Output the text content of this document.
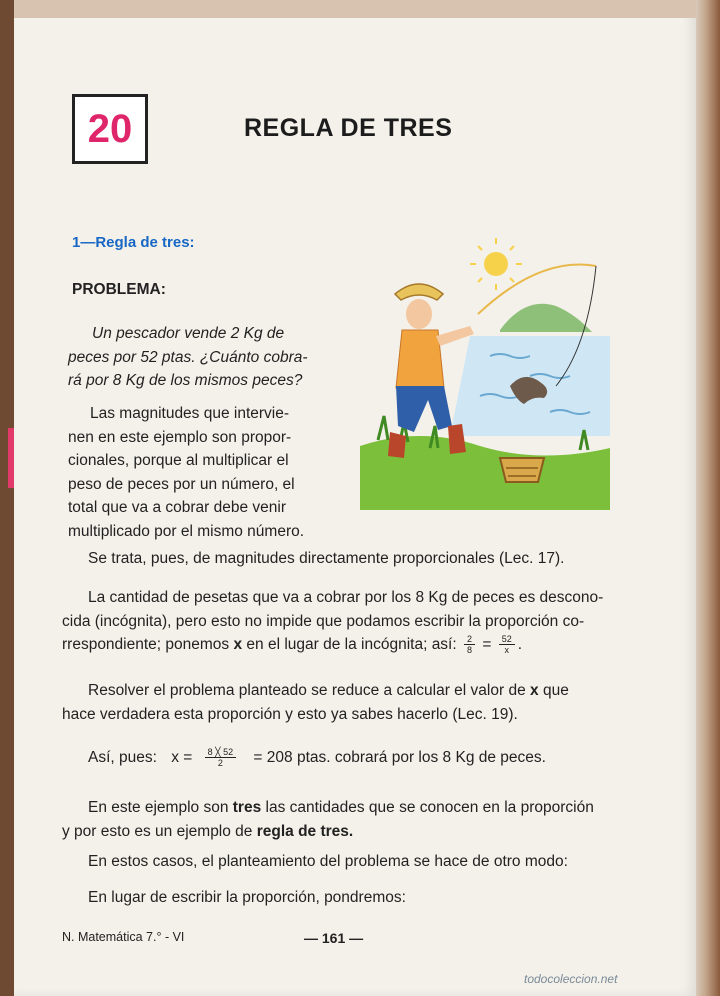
20	REGLA DE TRES
1—Regla de tres:
PROBLEMA:
Un pescador vende 2 Kg de
peces por 52 ptas. ¿Cuánto cobra-
rá por 8 Kg de los mismos peces?
Las magnitudes que intervie-
nen en este ejemplo son propor-
cionales, porque al multiplicar el
peso de peces por un número, el
total que va a cobrar debe venir
multiplicado por el mismo número.
Se trata, pues, de magnitudes directamente proporcionales (Lec. 17).
La cantidad de pesetas que va a cobrar por los 8 Kg de peces es descono-
cida (incógnita), pero esto no impide que podamos escribir la proporción co-
rrespondiente; ponemos x en el lugar de la incógnita; así: $\frac{2}{8} = \frac{52}{x}$ .
Resolver el problema planteado se reduce a calcular el valor de x que
hace verdadera esta proporción y esto ya sabes hacerlo (Lec. 19).
Así, pues: $x = \frac{8 ╳ 52}{2} = 208$ ptas. cobrará por los 8 Kg de peces.
En este ejemplo son tres las cantidades que se conocen en la proporción
y por esto es un ejemplo de regla de tres.
En estos casos, el planteamiento del problema se hace de otro modo:
En lugar de escribir la proporción, pondremos:
N. Matemática 7.° - VI	— 161 —
todocoleccion.net
